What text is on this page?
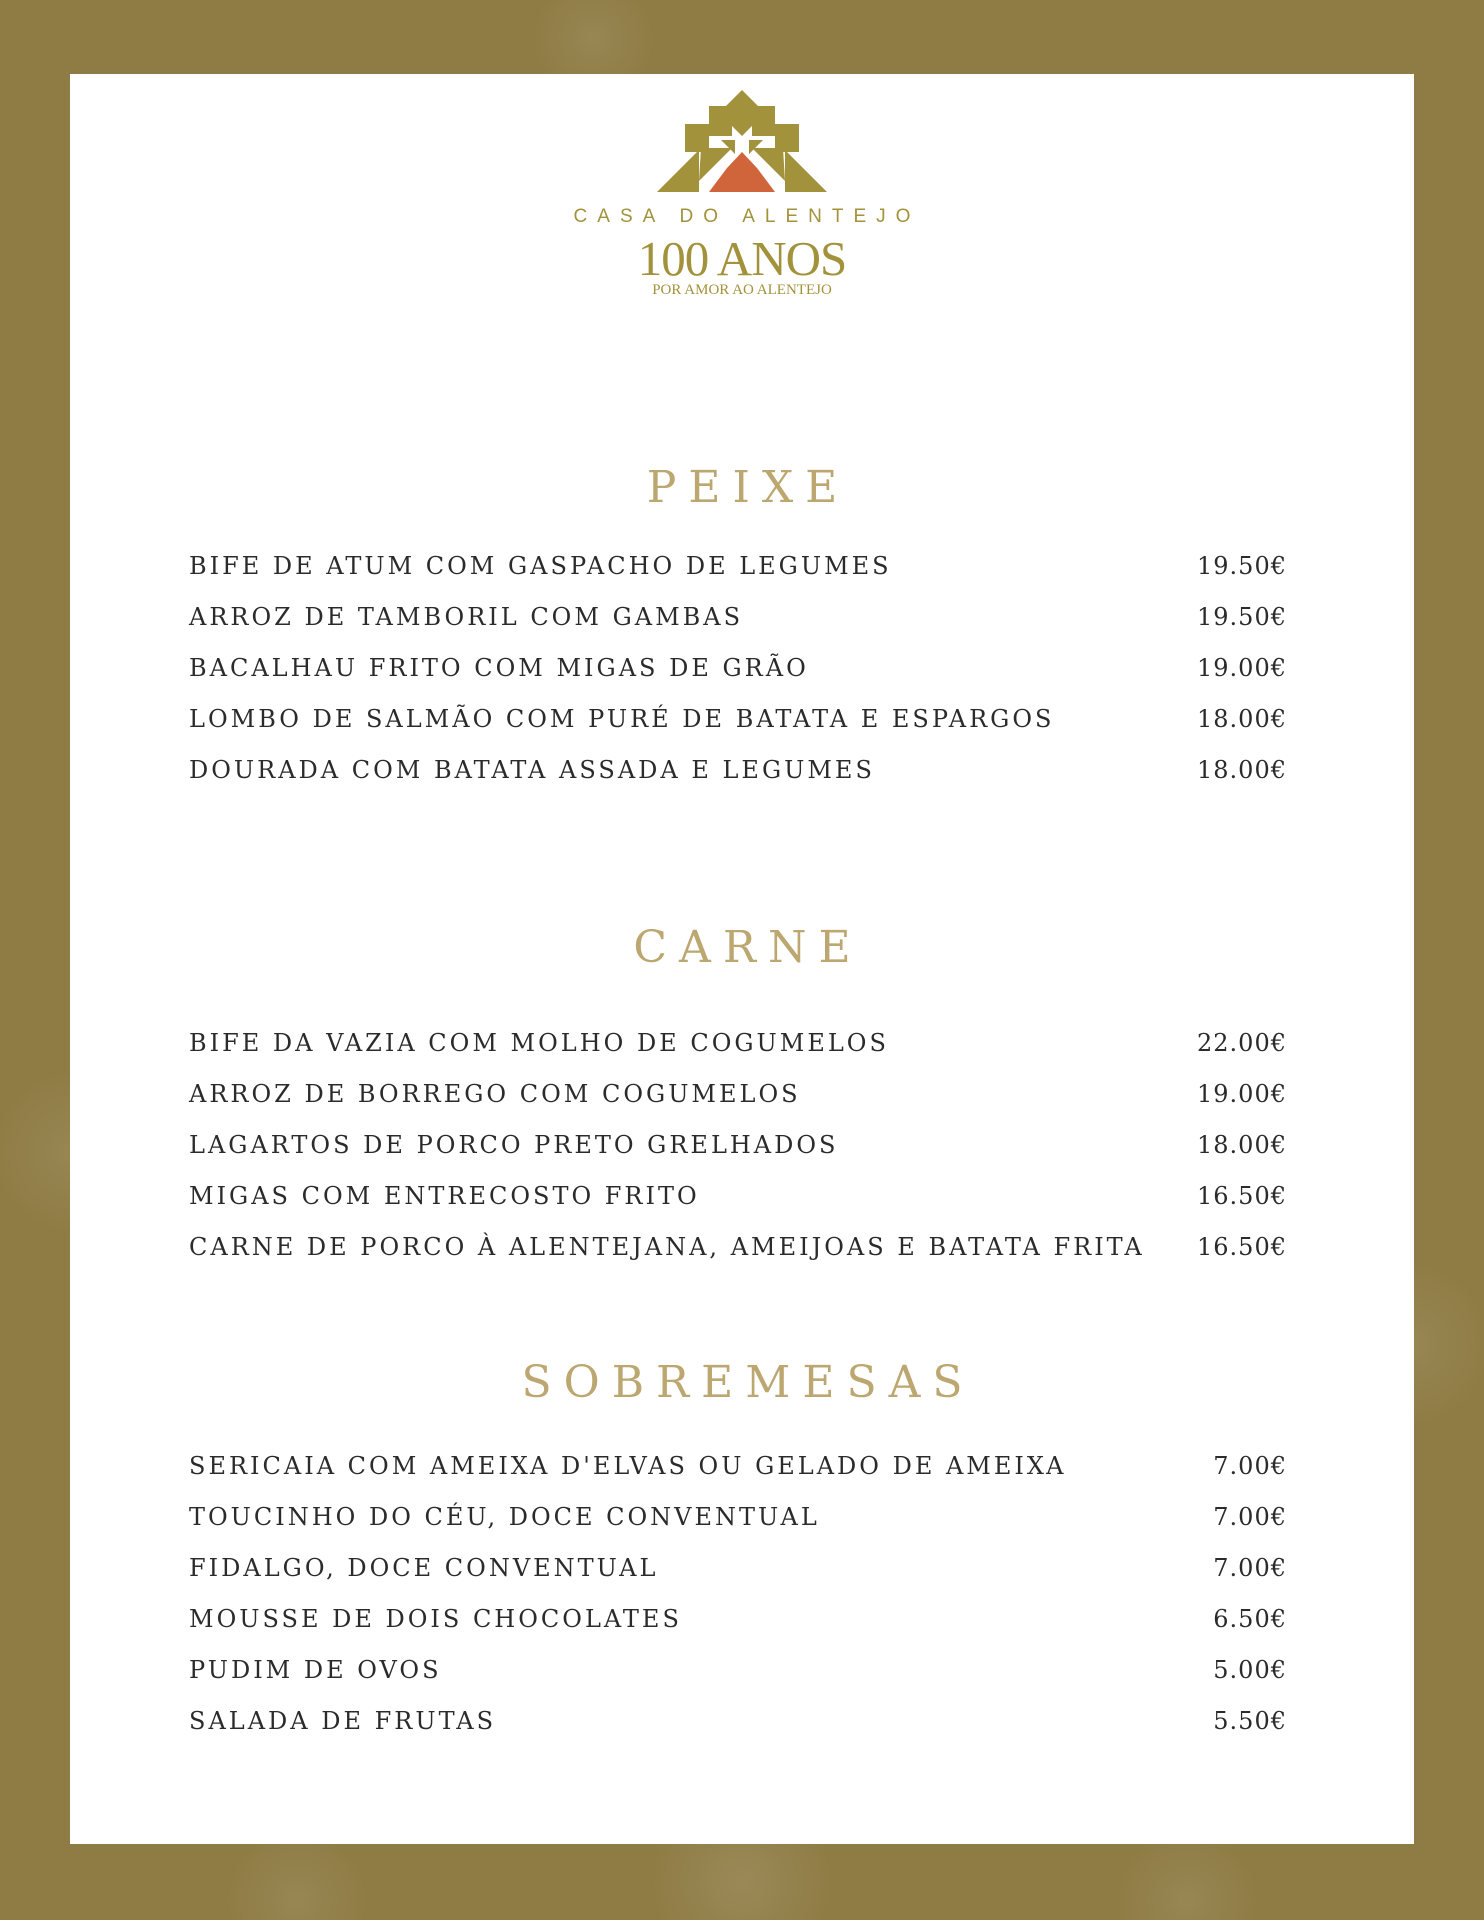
CASA DO ALENTEJO
100 ANOS
POR AMOR AO ALENTEJO
PEIXE
BIFE DE ATUM COM GASPACHO DE LEGUMES	19.50€
ARROZ DE TAMBORIL COM GAMBAS	19.50€
BACALHAU FRITO COM MIGAS DE GRÃO	19.00€
LOMBO DE SALMÃO COM PURÉ DE BATATA E ESPARGOS	18.00€
DOURADA COM BATATA ASSADA E LEGUMES	18.00€
CARNE
BIFE DA VAZIA COM MOLHO DE COGUMELOS	22.00€
ARROZ DE BORREGO COM COGUMELOS	19.00€
LAGARTOS DE PORCO PRETO GRELHADOS	18.00€
MIGAS COM ENTRECOSTO FRITO	16.50€
CARNE DE PORCO À ALENTEJANA, AMEIJOAS E BATATA FRITA 16.50€
SOBREMESAS
SERICAIA COM AMEIXA D'ELVAS OU GELADO DE AMEIXA	7.00€
TOUCINHO DO CÉU, DOCE CONVENTUAL	7.00€
FIDALGO, DOCE CONVENTUAL	7.00€
MOUSSE DE DOIS CHOCOLATES	6.50€
PUDIM DE OVOS	5.00€
SALADA DE FRUTAS	5.50€
